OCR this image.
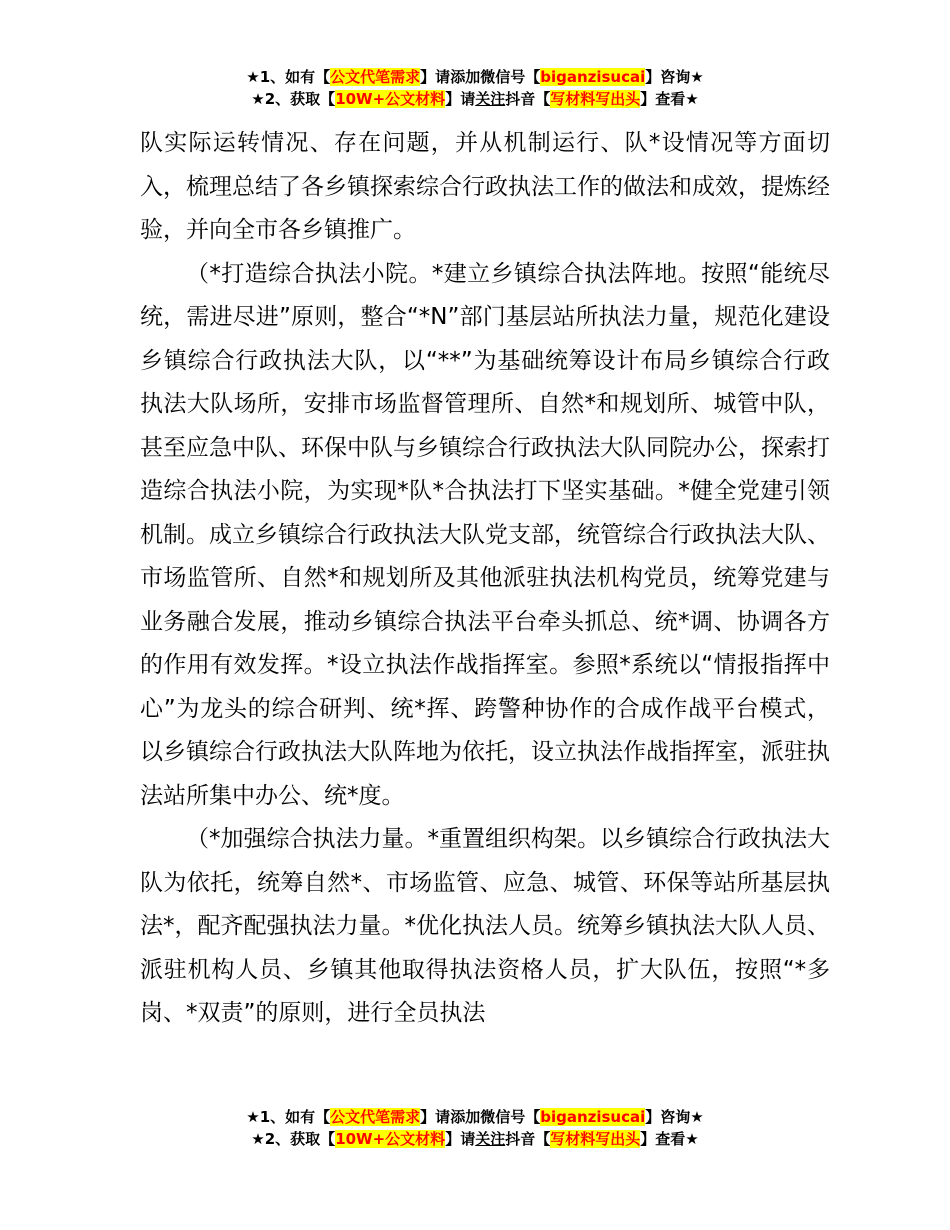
★1、如有【公文代笔需求】请添加微信号【biganzisucai】咨询★
★2、获取【10W+公文材料】请关注抖音【写材料写出头】查看★

队实际运转情况、存在问题，并从机制运行、队*设情况等方面切入，梳理总结了各乡镇探索综合行政执法工作的做法和成效，提炼经验，并向全市各乡镇推广。

（*打造综合执法小院。*建立乡镇综合执法阵地。按照“能统尽统，需进尽进”原则，整合“*N”部门基层站所执法力量，规范化建设乡镇综合行政执法大队，以“**”为基础统筹设计布局乡镇综合行政执法大队场所，安排市场监督管理所、自然*和规划所、城管中队，甚至应急中队、环保中队与乡镇综合行政执法大队同院办公，探索打造综合执法小院，为实现*队*合执法打下坚实基础。*健全党建引领机制。成立乡镇综合行政执法大队党支部，统管综合行政执法大队、市场监管所、自然*和规划所及其他派驻执法机构党员，统筹党建与业务融合发展，推动乡镇综合执法平台牵头抓总、统*调、协调各方的作用有效发挥。*设立执法作战指挥室。参照*系统以“情报指挥中心”为龙头的综合研判、统*挥、跨警种协作的合成作战平台模式，以乡镇综合行政执法大队阵地为依托，设立执法作战指挥室，派驻执法站所集中办公、统*度。

（*加强综合执法力量。*重置组织构架。以乡镇综合行政执法大队为依托，统筹自然*、市场监管、应急、城管、环保等站所基层执法*，配齐配强执法力量。*优化执法人员。统筹乡镇执法大队人员、派驻机构人员、乡镇其他取得执法资格人员，扩大队伍，按照“*多岗、*双责”的原则，进行全员执法

★1、如有【公文代笔需求】请添加微信号【biganzisucai】咨询★
★2、获取【10W+公文材料】请关注抖音【写材料写出头】查看★
